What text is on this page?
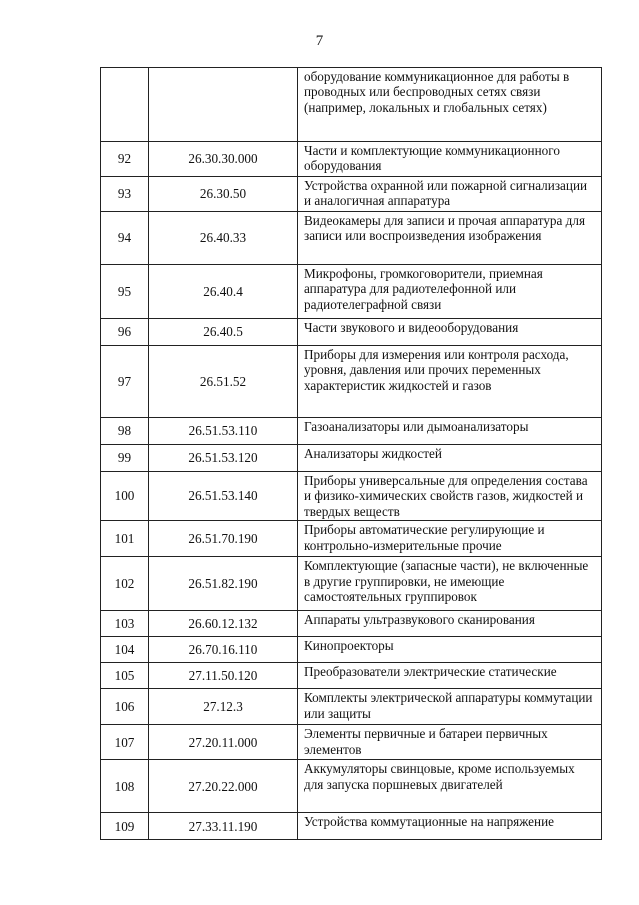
7
		оборудование коммуникационное для работы в проводных или беспроводных сетях связи (например, локальных и глобальных сетях)
92	26.30.30.000	Части и комплектующие коммуникационного оборудования
93	26.30.50	Устройства охранной или пожарной сигнализации и аналогичная аппаратура
94	26.40.33	Видеокамеры для записи и прочая аппаратура для записи или воспроизведения изображения
95	26.40.4	Микрофоны, громкоговорители, приемная аппаратура для радиотелефонной или радиотелеграфной связи
96	26.40.5	Части звукового и видеооборудования
97	26.51.52	Приборы для измерения или контроля расхода, уровня, давления или прочих переменных характеристик жидкостей и газов
98	26.51.53.110	Газоанализаторы или дымоанализаторы
99	26.51.53.120	Анализаторы жидкостей
100	26.51.53.140	Приборы универсальные для определения состава и физико-химических свойств газов, жидкостей и твердых веществ
101	26.51.70.190	Приборы автоматические регулирующие и контрольно-измерительные прочие
102	26.51.82.190	Комплектующие (запасные части), не включенные в другие группировки, не имеющие самостоятельных группировок
103	26.60.12.132	Аппараты ультразвукового сканирования
104	26.70.16.110	Кинопроекторы
105	27.11.50.120	Преобразователи электрические статические
106	27.12.3	Комплекты электрической аппаратуры коммутации или защиты
107	27.20.11.000	Элементы первичные и батареи первичных элементов
108	27.20.22.000	Аккумуляторы свинцовые, кроме используемых для запуска поршневых двигателей
109	27.33.11.190	Устройства коммутационные на напряжение
